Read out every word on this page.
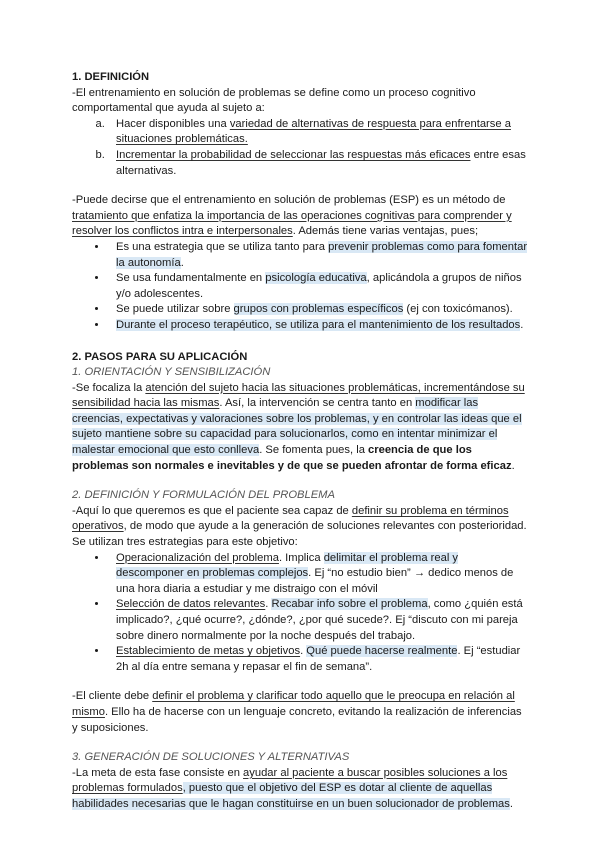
1. DEFINICIÓN

-El entrenamiento en solución de problemas se define como un proceso cognitivo comportamental que ayuda al sujeto a:

a. Hacer disponibles una variedad de alternativas de respuesta para enfrentarse a situaciones problemáticas.
b. Incrementar la probabilidad de seleccionar las respuestas más eficaces entre esas alternativas.

-Puede decirse que el entrenamiento en solución de problemas (ESP) es un método de tratamiento que enfatiza la importancia de las operaciones cognitivas para comprender y resolver los conflictos intra e interpersonales. Además tiene varias ventajas, pues;

• Es una estrategia que se utiliza tanto para prevenir problemas como para fomentar la autonomía.
• Se usa fundamentalmente en psicología educativa, aplicándola a grupos de niños y/o adolescentes.
• Se puede utilizar sobre grupos con problemas específicos (ej con toxicómanos).
• Durante el proceso terapéutico, se utiliza para el mantenimiento de los resultados.

2. PASOS PARA SU APLICACIÓN

1. ORIENTACIÓN Y SENSIBILIZACIÓN

-Se focaliza la atención del sujeto hacia las situaciones problemáticas, incrementándose su sensibilidad hacia las mismas. Así, la intervención se centra tanto en modificar las creencias, expectativas y valoraciones sobre los problemas, y en controlar las ideas que el sujeto mantiene sobre su capacidad para solucionarlos, como en intentar minimizar el malestar emocional que esto conlleva. Se fomenta pues, la creencia de que los problemas son normales e inevitables y de que se pueden afrontar de forma eficaz.

2. DEFINICIÓN Y FORMULACIÓN DEL PROBLEMA

-Aquí lo que queremos es que el paciente sea capaz de definir su problema en términos operativos, de modo que ayude a la generación de soluciones relevantes con posterioridad. Se utilizan tres estrategias para este objetivo:

• Operacionalización del problema. Implica delimitar el problema real y descomponer en problemas complejos. Ej “no estudio bien” → dedico menos de una hora diaria a estudiar y me distraigo con el móvil
• Selección de datos relevantes. Recabar info sobre el problema, como ¿quién está implicado?, ¿qué ocurre?, ¿dónde?, ¿por qué sucede?. Ej “discuto con mi pareja sobre dinero normalmente por la noche después del trabajo.
• Establecimiento de metas y objetivos. Qué puede hacerse realmente. Ej “estudiar 2h al día entre semana y repasar el fin de semana”.

-El cliente debe definir el problema y clarificar todo aquello que le preocupa en relación al mismo. Ello ha de hacerse con un lenguaje concreto, evitando la realización de inferencias y suposiciones.

3. GENERACIÓN DE SOLUCIONES Y ALTERNATIVAS

-La meta de esta fase consiste en ayudar al paciente a buscar posibles soluciones a los problemas formulados, puesto que el objetivo del ESP es dotar al cliente de aquellas habilidades necesarias que le hagan constituirse en un buen solucionador de problemas.
